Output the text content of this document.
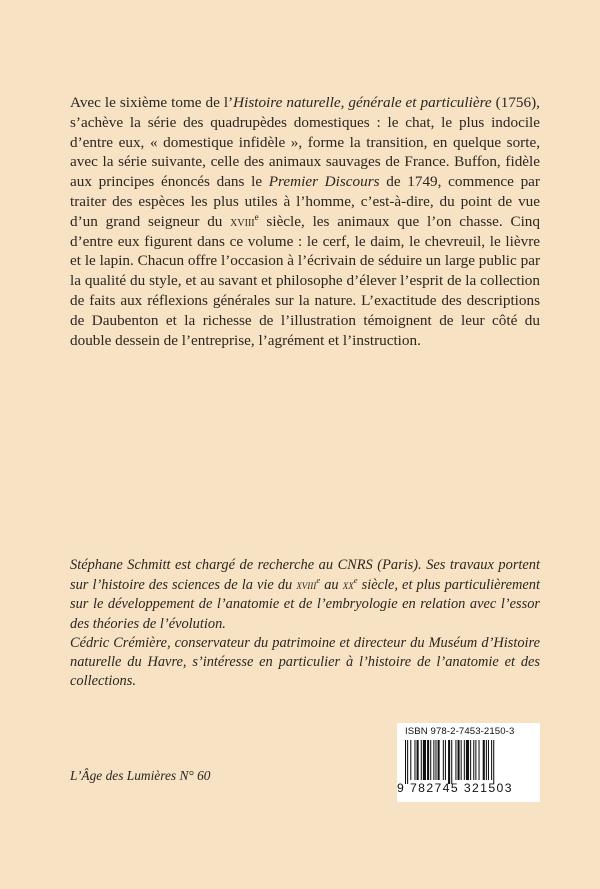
Avec le sixième tome de l’Histoire naturelle, générale et particulière (1756), s’achève la série des quadrupèdes domestiques : le chat, le plus indocile d’entre eux, « domestique infidèle », forme la transition, en quelque sorte, avec la série suivante, celle des animaux sauvages de France. Buffon, fidèle aux principes énoncés dans le Premier Discours de 1749, commence par traiter des espèces les plus utiles à l’homme, c’est-à-dire, du point de vue d’un grand seigneur du xviii$^e$ siècle, les animaux que l’on chasse. Cinq d’entre eux figurent dans ce volume : le cerf, le daim, le chevreuil, le lièvre et le lapin. Chacun offre l’occasion à l’écrivain de séduire un large public par la qualité du style, et au savant et philosophe d’élever l’esprit de la collection de faits aux réflexions générales sur la nature. L’exactitude des descriptions de Daubenton et la richesse de l’illustration témoignent de leur côté du double dessein de l’entreprise, l’agrément et l’instruction.

Stéphane Schmitt est chargé de recherche au CNRS (Paris). Ses travaux portent sur l’histoire des sciences de la vie du xviii$^e$ au $xx^e$ siècle, et plus particulièrement sur le développement de l’anatomie et de l’embryologie en relation avec l’essor des théories de l’évolution.

Cédric Crémière, conservateur du patrimoine et directeur du Muséum d’Histoire naturelle du Havre, s’intéresse en particulier à l’histoire de l’anatomie et des collections.

L’Âge des Lumières N° 60
ISBN 978-2-7453-2150-3
9 782745 321503
